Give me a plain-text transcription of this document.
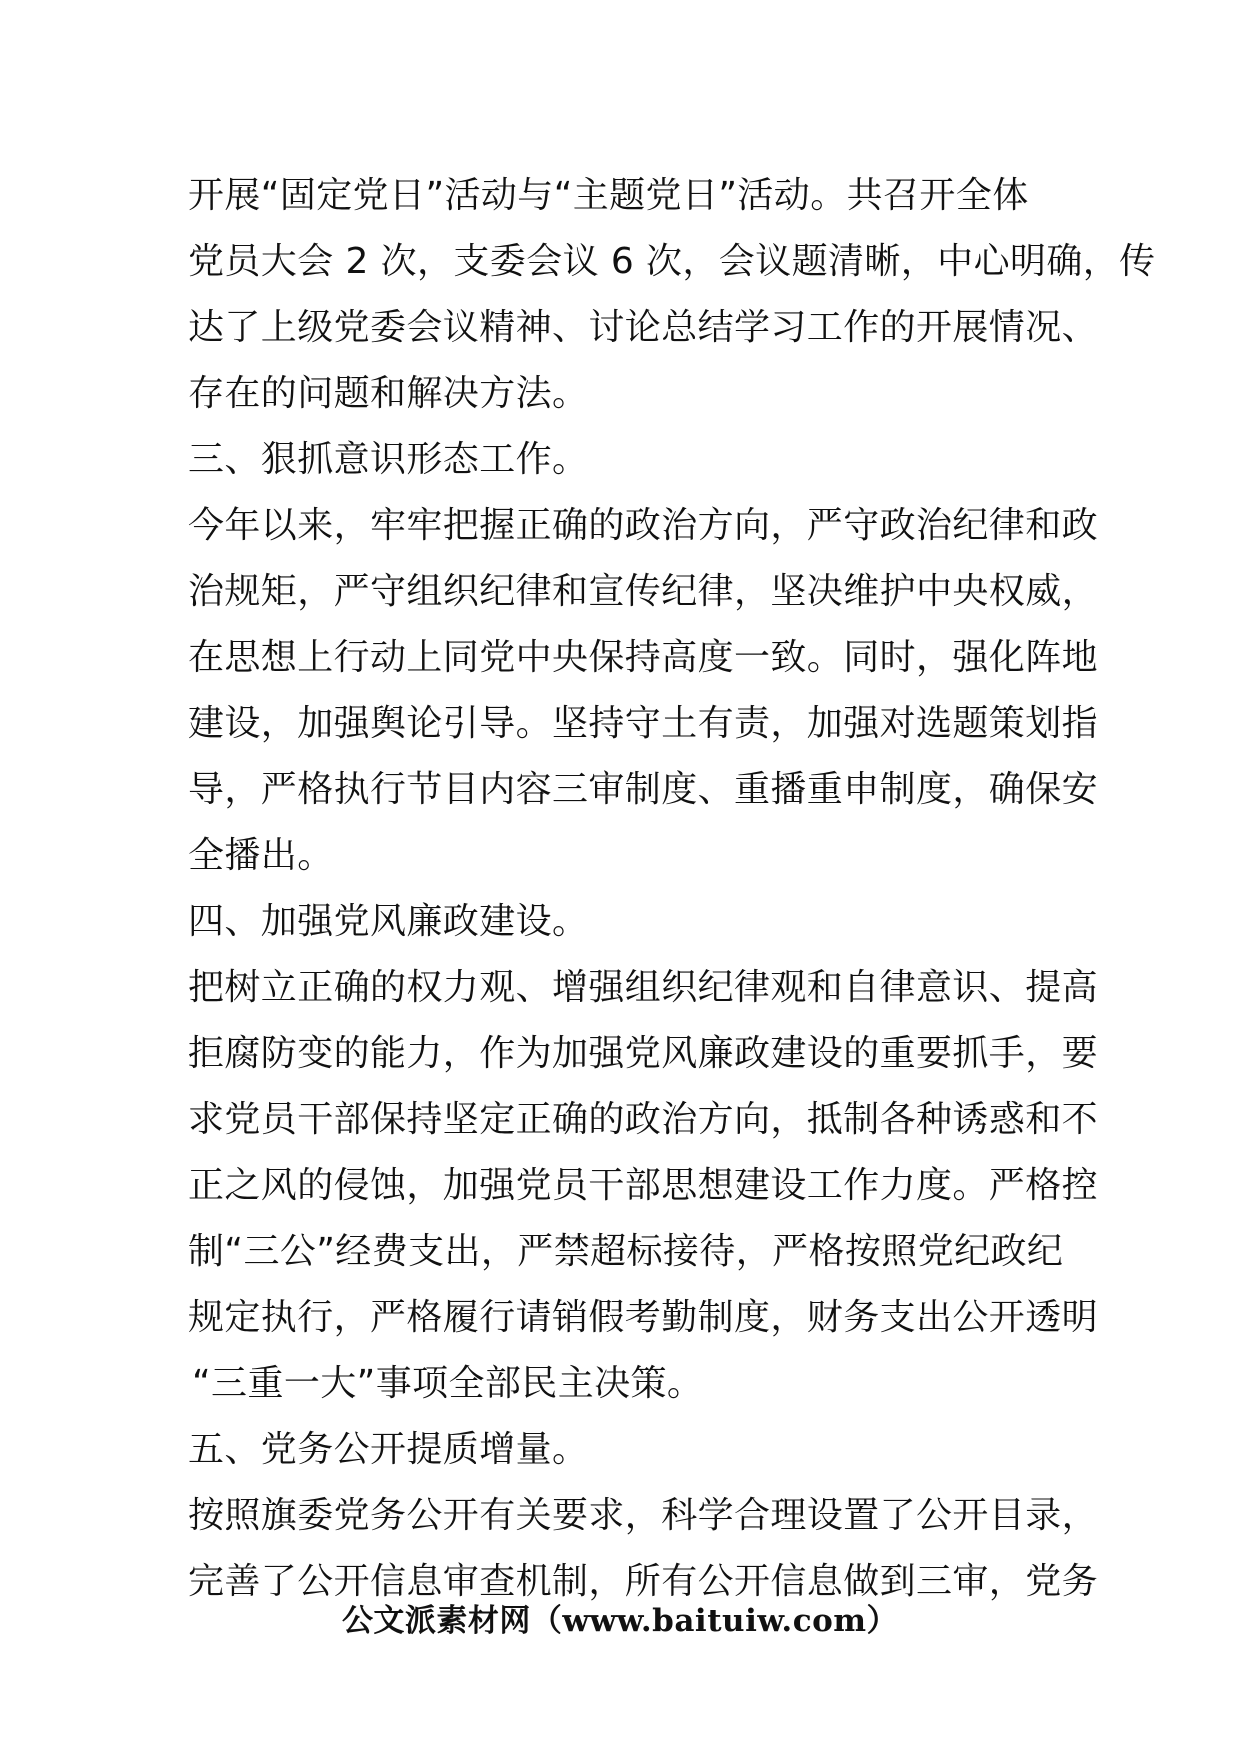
开展“固定党日”活动与“主题党日”活动。共召开全体
党员大会 2 次，支委会议 6 次，会议题清晰，中心明确，传
达了上级党委会议精神、讨论总结学习工作的开展情况、
存在的问题和解决方法。
三、狠抓意识形态工作。
今年以来，牢牢把握正确的政治方向，严守政治纪律和政
治规矩，严守组织纪律和宣传纪律，坚决维护中央权威，
在思想上行动上同党中央保持高度一致。同时，强化阵地
建设，加强舆论引导。坚持守土有责，加强对选题策划指
导，严格执行节目内容三审制度、重播重申制度，确保安
全播出。
四、加强党风廉政建设。
把树立正确的权力观、增强组织纪律观和自律意识、提高
拒腐防变的能力，作为加强党风廉政建设的重要抓手，要
求党员干部保持坚定正确的政治方向，抵制各种诱惑和不
正之风的侵蚀，加强党员干部思想建设工作力度。严格控
制“三公”经费支出，严禁超标接待，严格按照党纪政纪
规定执行，严格履行请销假考勤制度，财务支出公开透明
“三重一大”事项全部民主决策。
五、党务公开提质增量。
按照旗委党务公开有关要求，科学合理设置了公开目录，
完善了公开信息审查机制，所有公开信息做到三审，党务
公文派素材网（www.baituiw.com）
